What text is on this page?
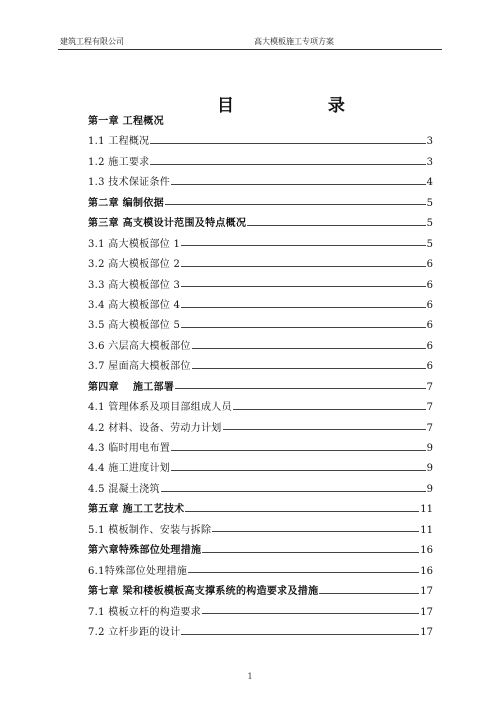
建筑工程有限公司	高大模板施工专项方案
目 录
第一章 工程概况
1.1 工程概况	3
1.2 施工要求	3
1.3 技术保证条件	4
第二章 编制依据	5
第三章 高支模设计范围及特点概况	5
3.1 高大模板部位 1	5
3.2 高大模板部位 2	6
3.3 高大模板部位 3	6
3.4 高大模板部位 4	6
3.5 高大模板部位 5	6
3.6 六层高大模板部位	6
3.7 屋面高大模板部位	6
第四章　 施工部署	7
4.1 管理体系及项目部组成人员	7
4.2 材料、设备、劳动力计划	7
4.3 临时用电布置	9
4.4 施工进度计划	9
4.5 混凝土浇筑	9
第五章 施工工艺技术	11
5.1 模板制作、安装与拆除	11
第六章特殊部位处理措施	16
6.1特殊部位处理措施	16
第七章 梁和楼板模板高支撑系统的构造要求及措施	17
7.1 模板立杆的构造要求	17
7.2 立杆步距的设计	17
1
